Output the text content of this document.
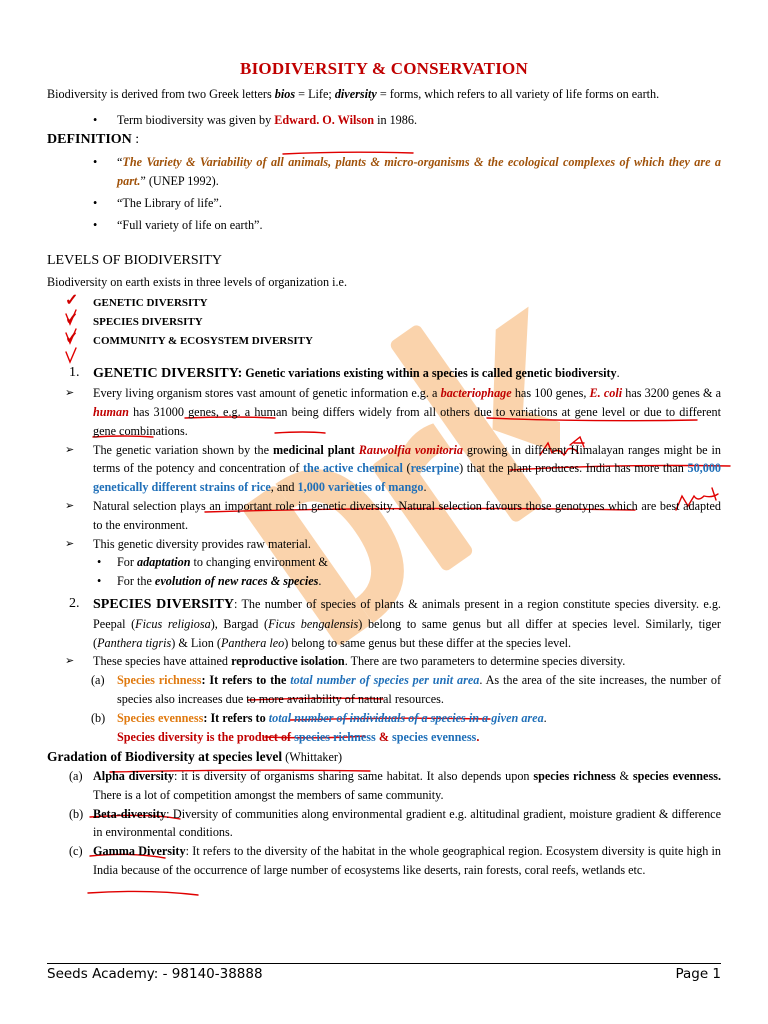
BIODIVERSITY & CONSERVATION

Biodiversity is derived from two Greek letters bios = Life; diversity = forms, which refers to all variety of life forms on earth.

• Term biodiversity was given by Edward. O. Wilson in 1986.

DEFINITION :

• “The Variety & Variability of all animals, plants & micro-organisms & the ecological complexes of which they are a part.” (UNEP 1992).

• “The Library of life”.

• “Full variety of life on earth”.

LEVELS OF BIODIVERSITY

Biodiversity on earth exists in three levels of organization i.e.

✓ GENETIC DIVERSITY

✓ SPECIES DIVERSITY

✓ COMMUNITY & ECOSYSTEM DIVERSITY

1. GENETIC DIVERSITY: Genetic variations existing within a species is called genetic biodiversity.

➢ Every living organism stores vast amount of genetic information e.g. a bacteriophage has 100 genes, E. coli has 3200 genes & a human has 31000 genes, e.g. a human being differs widely from all others due to variations at gene level or due to different gene combinations.

➢ The genetic variation shown by the medicinal plant Rauwolfia vomitoria growing in different Himalayan ranges might be in terms of the potency and concentration of the active chemical (reserpine) that the plant produces. India has more than 50,000 genetically different strains of rice, and 1,000 varieties of mango.

➢ Natural selection plays an important role in genetic diversity. Natural selection favours those genotypes which are best adapted to the environment.

➢ This genetic diversity provides raw material.

• For adaptation to changing environment &

• For the evolution of new races & species.

2. SPECIES DIVERSITY: The number of species of plants & animals present in a region constitute species diversity. e.g. Peepal (Ficus religiosa), Bargad (Ficus bengalensis) belong to same genus but all differ at species level. Similarly, tiger (Panthera tigris) & Lion (Panthera leo) belong to same genus but these differ at the species level.

➢ These species have attained reproductive isolation. There are two parameters to determine species diversity.

(a) Species richness: It refers to the total number of species per unit area. As the area of the site increases, the number of species also increases due to more availability of natural resources.

(b) Species evenness: It refers to total number of individuals of a species in a given area.

Species diversity is the product of species richness & species evenness.

Gradation of Biodiversity at species level (Whittaker)

(a) Alpha diversity: it is diversity of organisms sharing same habitat. It also depends upon species richness & species evenness. There is a lot of competition amongst the members of same community.

(b) Beta-diversity: Diversity of communities along environmental gradient e.g. altitudinal gradient, moisture gradient & difference in environmental conditions.

(c) Gamma Diversity: It refers to the diversity of the habitat in the whole geographical region. Ecosystem diversity is quite high in India because of the occurrence of large number of ecosystems like deserts, rain forests, coral reefs, wetlands etc.

Seeds Academy: - 98140-38888	Page 1
